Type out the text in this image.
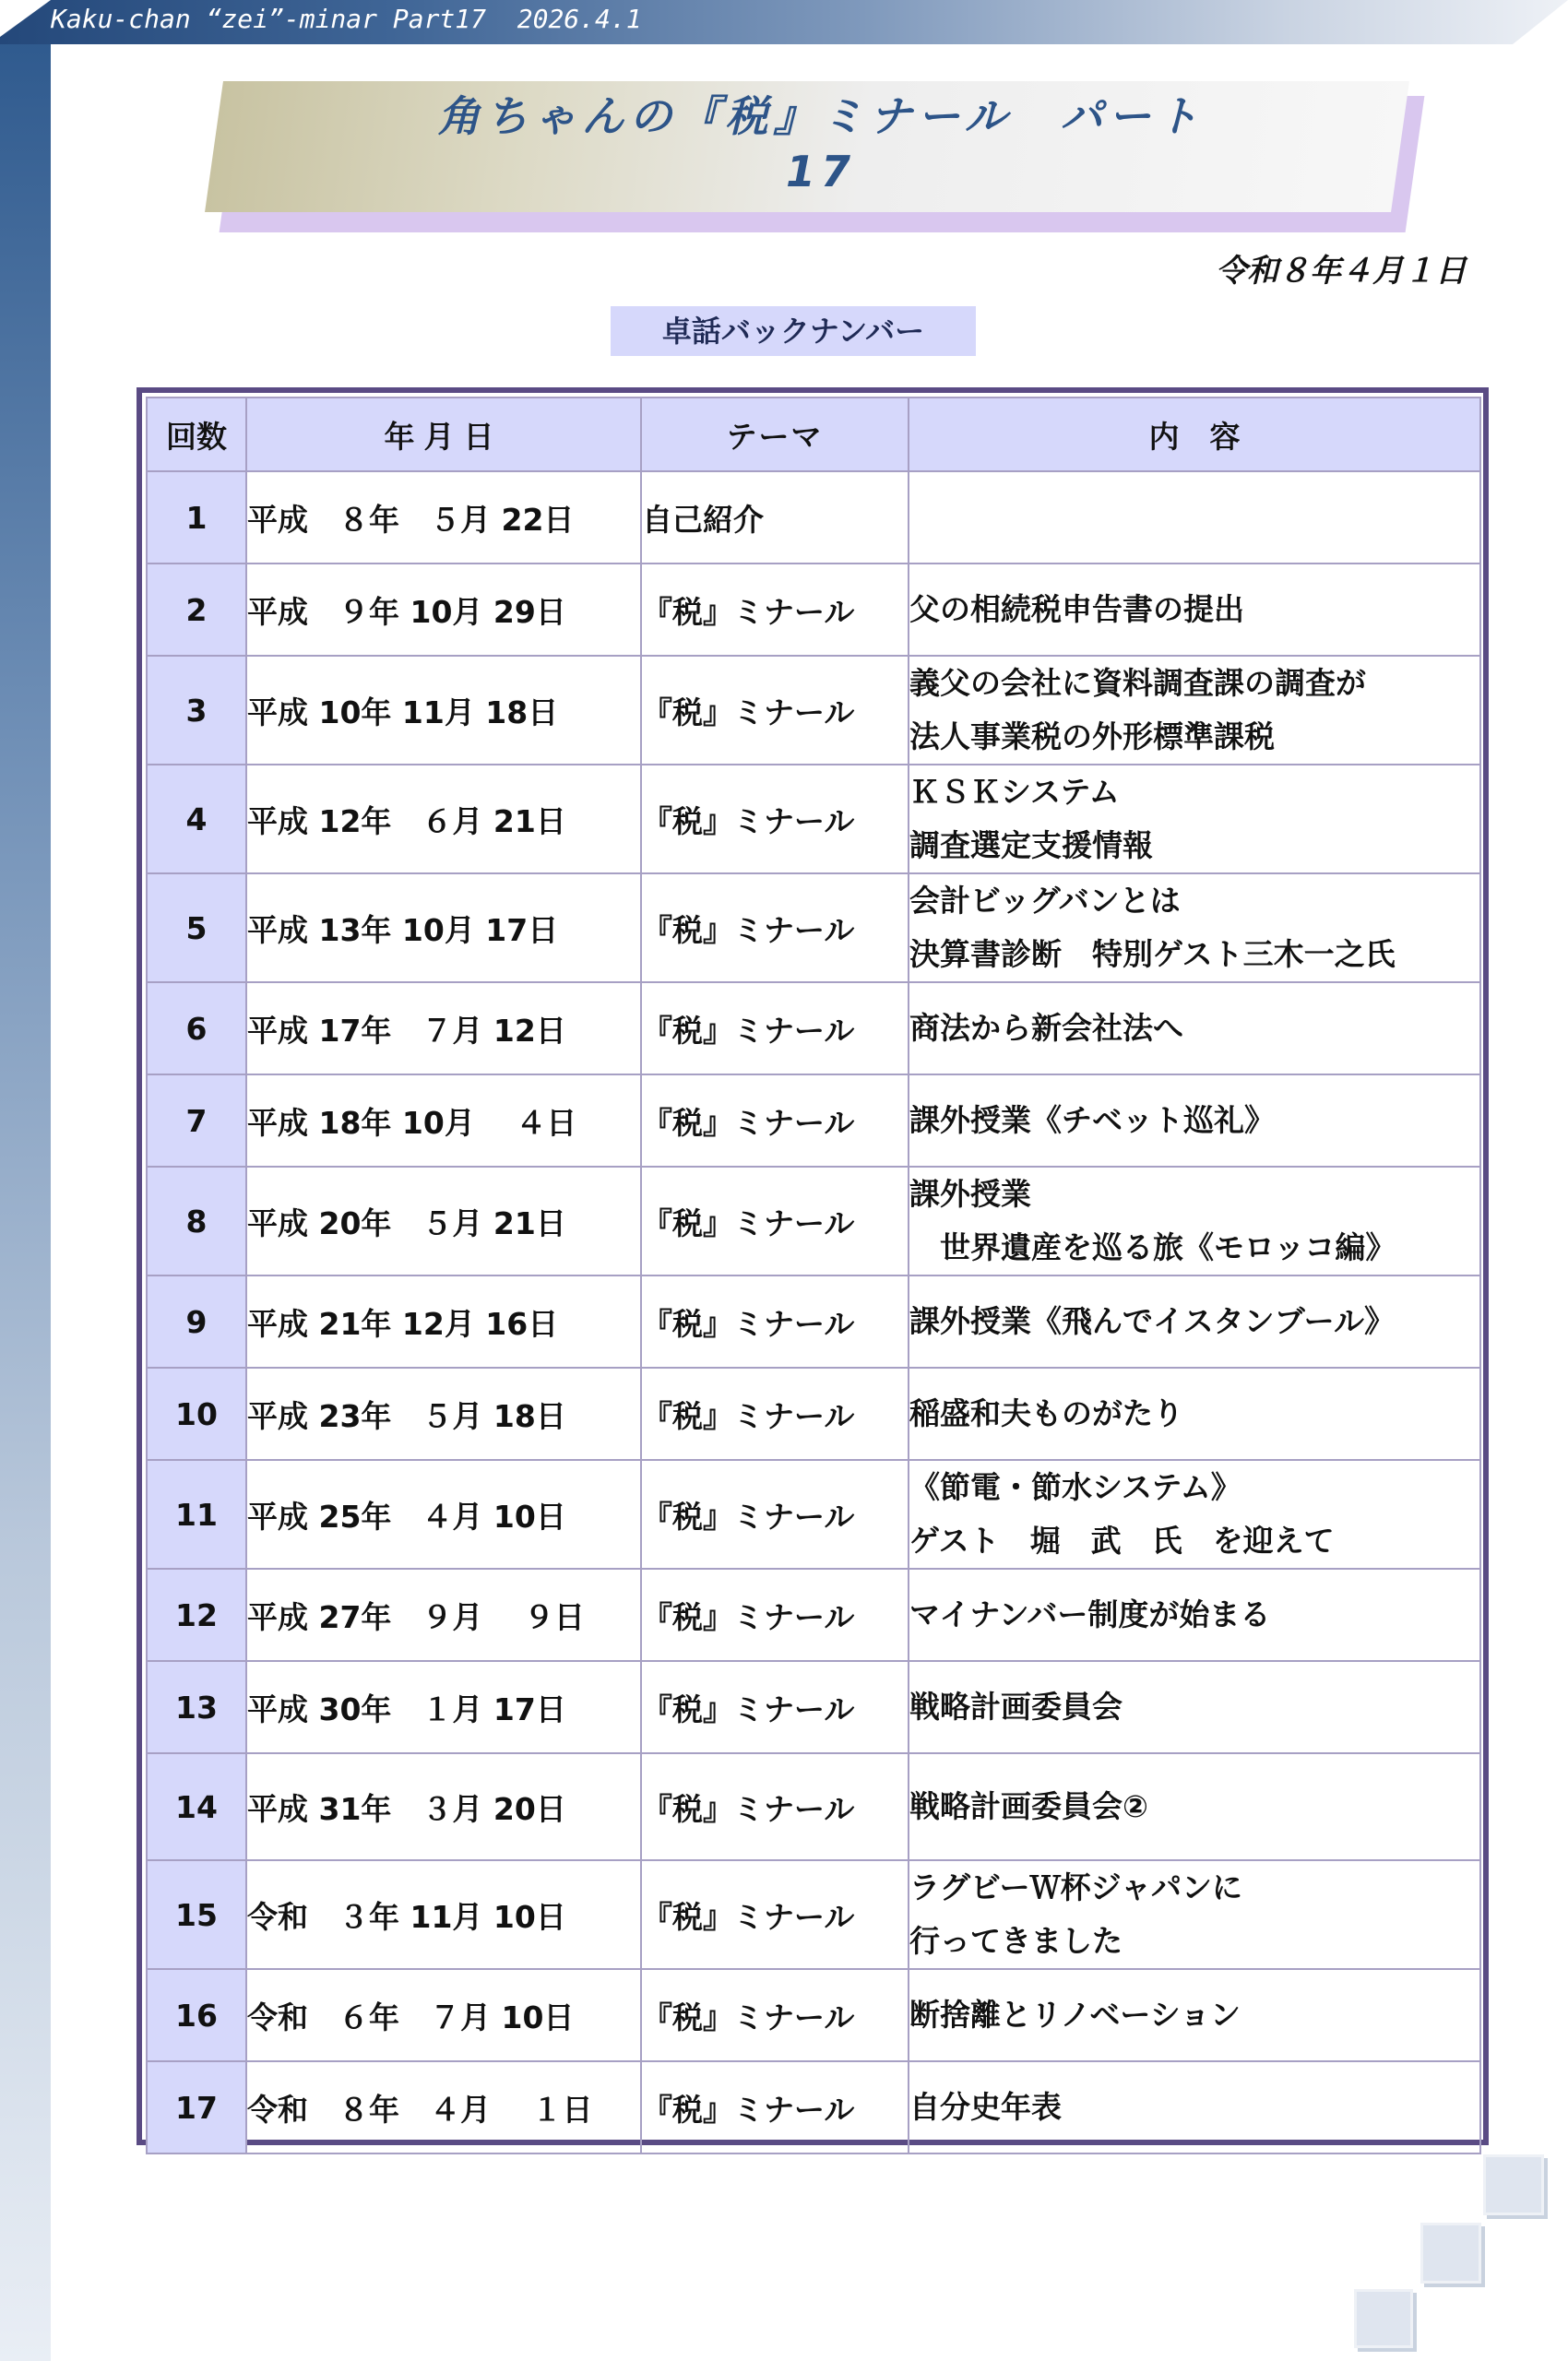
Kaku-chan “zei”-minar Part17  2026.4.1
角ちゃんの『税』ミナール　パート
17
令和８年４月１日
卓話バックナンバー
回数	年月日	テーマ	内　容
1	平成　８年　５月 22日	自己紹介	
2	平成　９年 10月 29日	『税』ミナール	父の相続税申告書の提出
3	平成 10年 11月 18日	『税』ミナール	義父の会社に資料調査課の調査が
法人事業税の外形標準課税
4	平成 12年　６月 21日	『税』ミナール	ＫＳＫシステム
調査選定支援情報
5	平成 13年 10月 17日	『税』ミナール	会計ビッグバンとは
決算書診断　特別ゲスト三木一之氏
6	平成 17年　７月 12日	『税』ミナール	商法から新会社法へ
7	平成 18年 10月　 ４日	『税』ミナール	課外授業《チベット巡礼》
8	平成 20年　５月 21日	『税』ミナール	課外授業
　世界遺産を巡る旅《モロッコ編》
9	平成 21年 12月 16日	『税』ミナール	課外授業《飛んでイスタンブール》
10	平成 23年　５月 18日	『税』ミナール	稲盛和夫ものがたり
11	平成 25年　４月 10日	『税』ミナール	《節電・節水システム》
ゲスト　堀　武　氏　を迎えて
12	平成 27年　９月　 ９日	『税』ミナール	マイナンバー制度が始まる
13	平成 30年　１月 17日	『税』ミナール	戦略計画委員会
14	平成 31年　３月 20日	『税』ミナール	戦略計画委員会②
15	令和　３年 11月 10日	『税』ミナール	ラグビーＷ杯ジャパンに
行ってきました
16	令和　６年　７月 10日	『税』ミナール	断捨離とリノベーション
17	令和　８年　４月　 １日	『税』ミナール	自分史年表
